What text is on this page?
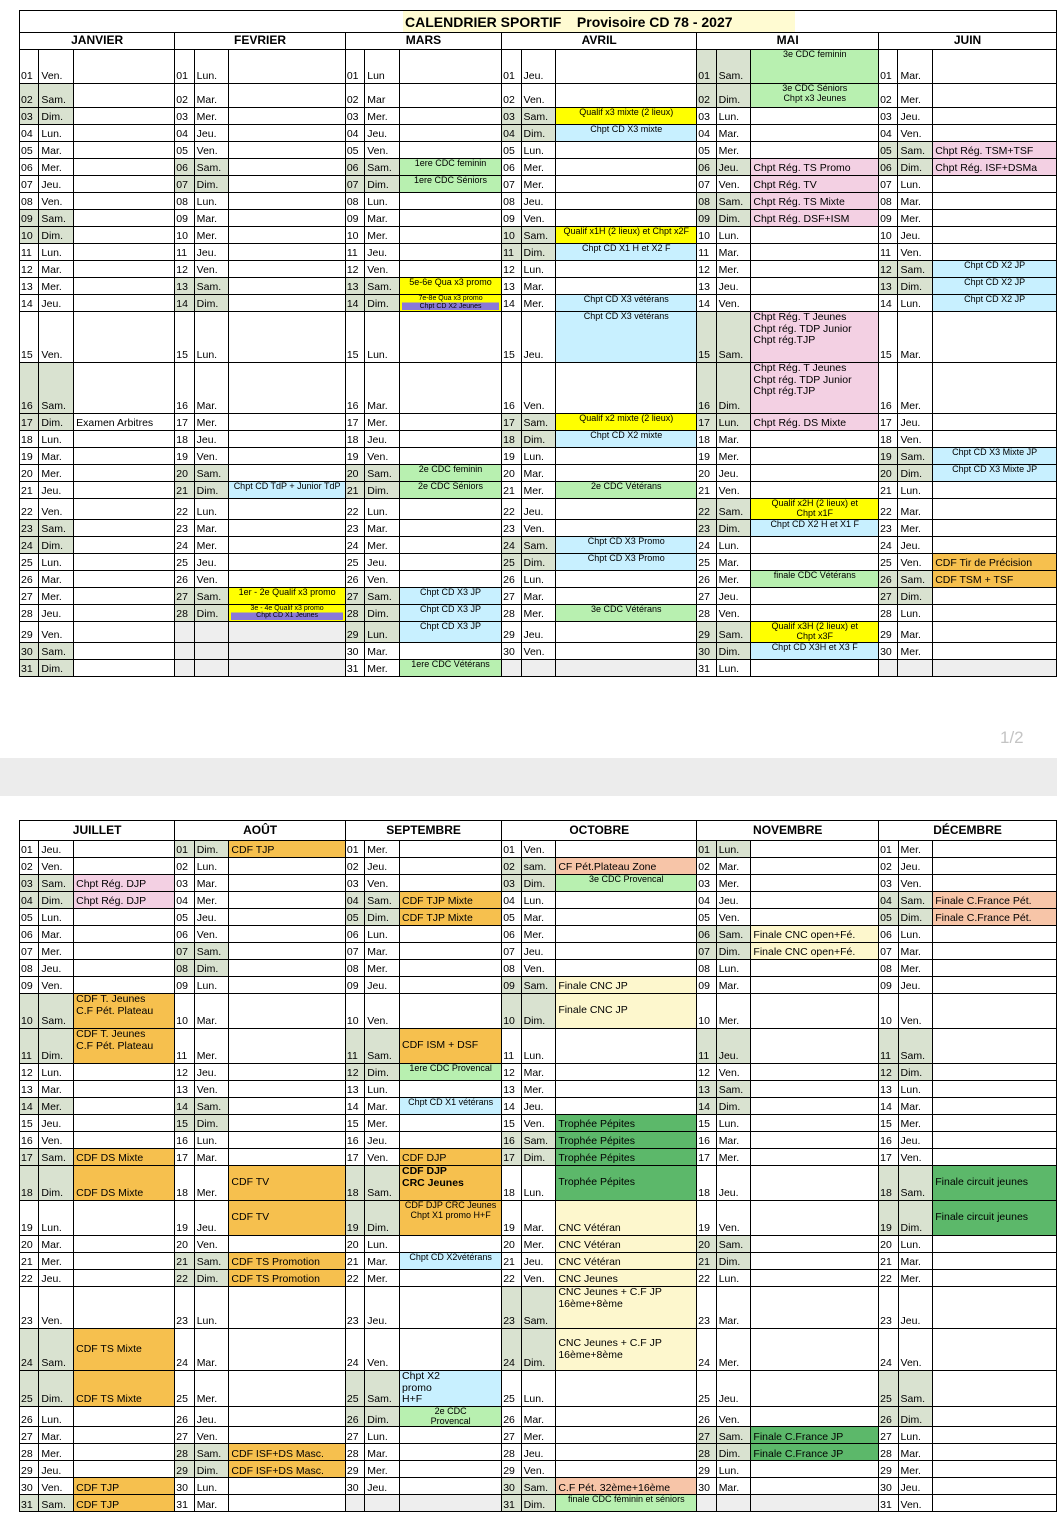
CALENDRIER SPORTIF
Provisoire CD 78 - 2027
JANVIER			FEVRIER			MARS			AVRIL			MAI			JUIN		
01	Ven.		01	Lun.		01	Lun		01	Jeu.		01	Sam.	3e CDC feminin	01	Mar.	

02	Sam.		02	Mar.		02	Mar		02	Ven.		02	Dim.	3e CDC Séniors
Chpt x3 Jeunes	02	Mer.	

03	Dim.		03	Mer.		03	Mer.		03	Sam.	Qualif x3 mixte (2 lieux)	03	Lun.		03	Jeu.	

04	Lun.		04	Jeu.		04	Jeu.		04	Dim.	Chpt CD X3 mixte	04	Mar.		04	Ven.	

05	Mar.		05	Ven.		05	Ven.		05	Lun.		05	Mer.		05	Sam.	Chpt Rég. TSM+TSF

06	Mer.		06	Sam.		06	Sam.	1ere CDC feminin	06	Mer.		06	Jeu.	Chpt Rég. TS Promo	06	Dim.	Chpt Rég. ISF+DSMa

07	Jeu.		07	Dim.		07	Dim.	1ere CDC Séniors	07	Mer.		07	Ven.	Chpt Rég. TV	07	Lun.	

08	Ven.		08	Lun.		08	Lun.		08	Jeu.		08	Sam.	Chpt Rég. TS Mixte	08	Mar.	

09	Sam.		09	Mar.		09	Mar.		09	Ven.		09	Dim.	Chpt Rég. DSF+ISM	09	Mer.	

10	Dim.		10	Mer.		10	Mer.		10	Sam.	Qualif x1H (2 lieux) et Chpt x2F	10	Lun.		10	Jeu.	

11	Lun.		11	Jeu.		11	Jeu.		11	Dim.	Chpt CD X1 H et X2 F	11	Mar.		11	Ven.	

12	Mar.		12	Ven.		12	Ven.		12	Lun.		12	Mer.		12	Sam.	Chpt CD X2 JP

13	Mer.		13	Sam.		13	Sam.	5e-6e Qua x3 promo	13	Mar.		13	Jeu.		13	Dim.	Chpt CD X2 JP

14	Jeu.		14	Dim.		14	Dim.	7e-8e Qua x3 promo
Chpt CD X2 Jeunes	14	Mer.	Chpt CD X3 vétérans	14	Ven.		14	Lun.	Chpt CD X2 JP

15	Ven.		15	Lun.		15	Lun.		15	Jeu.	Chpt CD X3 vétérans	15	Sam.	Chpt Rég. T Jeunes
Chpt rég. TDP Junior
Chpt rég.TJP	15	Mar.	

16	Sam.		16	Mar.		16	Mar.		16	Ven.		16	Dim.	Chpt Rég. T Jeunes
Chpt rég. TDP Junior
Chpt rég.TJP	16	Mer.	

17	Dim.	Examen Arbitres	17	Mer.		17	Mer.		17	Sam.	Qualif x2 mixte (2 lieux)	17	Lun.	Chpt Rég. DS Mixte	17	Jeu.	

18	Lun.		18	Jeu.		18	Jeu.		18	Dim.	Chpt CD X2 mixte	18	Mar.		18	Ven.	

19	Mar.		19	Ven.		19	Ven.		19	Lun.		19	Mer.		19	Sam.	Chpt CD X3 Mixte JP

20	Mer.		20	Sam.		20	Sam.	2e CDC feminin	20	Mar.		20	Jeu.		20	Dim.	Chpt CD X3 Mixte JP

21	Jeu.		21	Dim.	Chpt CD TdP + Junior TdP	21	Dim.	2e CDC Séniors	21	Mer.	2e CDC Vétérans	21	Ven.		21	Lun.	

22	Ven.		22	Lun.		22	Lun.		22	Jeu.		22	Sam.	Qualif x2H (2 lieux) et
Chpt x1F	22	Mar.	

23	Sam.		23	Mar.		23	Mar.		23	Ven.		23	Dim.	Chpt CD X2 H et X1 F	23	Mer.	

24	Dim.		24	Mer.		24	Mer.		24	Sam.	Chpt CD X3 Promo	24	Lun.		24	Jeu.	

25	Lun.		25	Jeu.		25	Jeu.		25	Dim.	Chpt CD X3 Promo	25	Mar.		25	Ven.	CDF Tir de Précision

26	Mar.		26	Ven.		26	Ven.		26	Lun.		26	Mer.	finale CDC Vétérans	26	Sam.	CDF TSM + TSF

27	Mer.		27	Sam.	1er - 2e Qualif x3 promo	27	Sam.	Chpt CD X3 JP	27	Mar.		27	Jeu.		27	Dim.	

28	Jeu.		28	Dim.	3e - 4e Qualif x3 promo
Chpt CD X1 Jeunes	28	Dim.	Chpt CD X3 JP	28	Mer.	3e CDC Vétérans	28	Ven.		28	Lun.	

29	Ven.					29	Lun.	Chpt CD X3 JP	29	Jeu.		29	Sam.	Qualif x3H (2 lieux) et
Chpt x3F	29	Mar.	

30	Sam.					30	Mar.		30	Ven.		30	Dim.	Chpt CD X3H et X3 F	30	Mer.	

31	Dim.					31	Mer.	1ere CDC Vétérans				31	Lun.	

1/2
JUILLET			AOÛT			SEPTEMBRE			OCTOBRE			NOVEMBRE			DÉCEMBRE		
01	Jeu.		01	Dim.	CDF TJP	01	Mer.		01	Ven.		01	Lun.		01	Mer.	

02	Ven.		02	Lun.		02	Jeu.		02	sam.	CF Pét.Plateau Zone	02	Mar.		02	Jeu.	

03	Sam.	Chpt Rég. DJP	03	Mar.		03	Ven.		03	Dim.	3e CDC Provencal	03	Mer.		03	Ven.	

04	Dim.	Chpt Rég. DJP	04	Mer.		04	Sam.	CDF TJP Mixte	04	Lun.		04	Jeu.		04	Sam.	Finale C.France Pét.

05	Lun.		05	Jeu.		05	Dim.	CDF TJP Mixte	05	Mar.		05	Ven.		05	Dim.	Finale C.France Pét.

06	Mar.		06	Ven.		06	Lun.		06	Mer.		06	Sam.	Finale CNC open+Fé.	06	Lun.	

07	Mer.		07	Sam.		07	Mar.		07	Jeu.		07	Dim.	Finale CNC open+Fé.	07	Mar.	

08	Jeu.		08	Dim.		08	Mer.		08	Ven.		08	Lun.		08	Mer.	

09	Ven.		09	Lun.		09	Jeu.		09	Sam.	Finale CNC JP	09	Mar.		09	Jeu.	

10	Sam.	CDF T. Jeunes
C.F Pét. Plateau	10	Mar.		10	Ven.		10	Dim.	Finale CNC JP	10	Mer.		10	Ven.	

11	Dim.	CDF T. Jeunes
C.F Pét. Plateau	11	Mer.		11	Sam.	CDF ISM + DSF	11	Lun.		11	Jeu.		11	Sam.	

12	Lun.		12	Jeu.		12	Dim.	1ere CDC Provencal	12	Mar.		12	Ven.		12	Dim.	

13	Mar.		13	Ven.		13	Lun.		13	Mer.		13	Sam.		13	Lun.	

14	Mer.		14	Sam.		14	Mar.	Chpt CD X1 vétérans	14	Jeu.		14	Dim.		14	Mar.	

15	Jeu.		15	Dim.		15	Mer.		15	Ven.	Trophée Pépites	15	Lun.		15	Mer.	

16	Ven.		16	Lun.		16	Jeu.		16	Sam.	Trophée Pépites	16	Mar.		16	Jeu.	

17	Sam.	CDF DS Mixte	17	Mar.		17	Ven.	CDF DJP	17	Dim.	Trophée Pépites	17	Mer.		17	Ven.	

18	Dim.	CDF DS Mixte	18	Mer.	CDF TV	18	Sam.	CDF DJP
CRC Jeunes	18	Lun.	Trophée Pépites	18	Jeu.		18	Sam.	Finale circuit jeunes

19	Lun.		19	Jeu.	CDF TV	19	Dim.	CDF DJP CRC Jeunes
Chpt X1 promo H+F	19	Mar.	CNC Vétéran	19	Ven.		19	Dim.	Finale circuit jeunes

20	Mar.		20	Ven.		20	Lun.		20	Mer.	CNC Vétéran	20	Sam.		20	Lun.	

21	Mer.		21	Sam.	CDF TS Promotion	21	Mar.	Chpt CD X2vétérans	21	Jeu.	CNC Vétéran	21	Dim.		21	Mar.	

22	Jeu.		22	Dim.	CDF TS Promotion	22	Mer.		22	Ven.	CNC Jeunes	22	Lun.		22	Mer.	

23	Ven.		23	Lun.		23	Jeu.		23	Sam.	CNC Jeunes + C.F JP
16ème+8ème	23	Mar.		23	Jeu.	

24	Sam.	CDF TS Mixte	24	Mar.		24	Ven.		24	Dim.	CNC Jeunes + C.F JP
16ème+8ème	24	Mer.		24	Ven.	

25	Dim.	CDF TS Mixte	25	Mer.		25	Sam.	Chpt X2
promo
H+F	25	Lun.		25	Jeu.		25	Sam.	

26	Lun.		26	Jeu.		26	Dim.	2e CDC
Provencal	26	Mar.		26	Ven.		26	Dim.	

27	Mar.		27	Ven.		27	Lun.		27	Mer.		27	Sam.	Finale C.France JP	27	Lun.	

28	Mer.		28	Sam.	CDF ISF+DS Masc.	28	Mar.		28	Jeu.		28	Dim.	Finale C.France JP	28	Mar.	

29	Jeu.		29	Dim.	CDF ISF+DS Masc.	29	Mer.		29	Ven.		29	Lun.		29	Mer.	

30	Ven.	CDF TJP	30	Lun.		30	Jeu.		30	Sam.	C.F Pét. 32ème+16ème	30	Mar.		30	Jeu.	

31	Sam.	CDF TJP	31	Mar.					31	Dim.	finale CDC féminin et séniors				31	Ven.	
